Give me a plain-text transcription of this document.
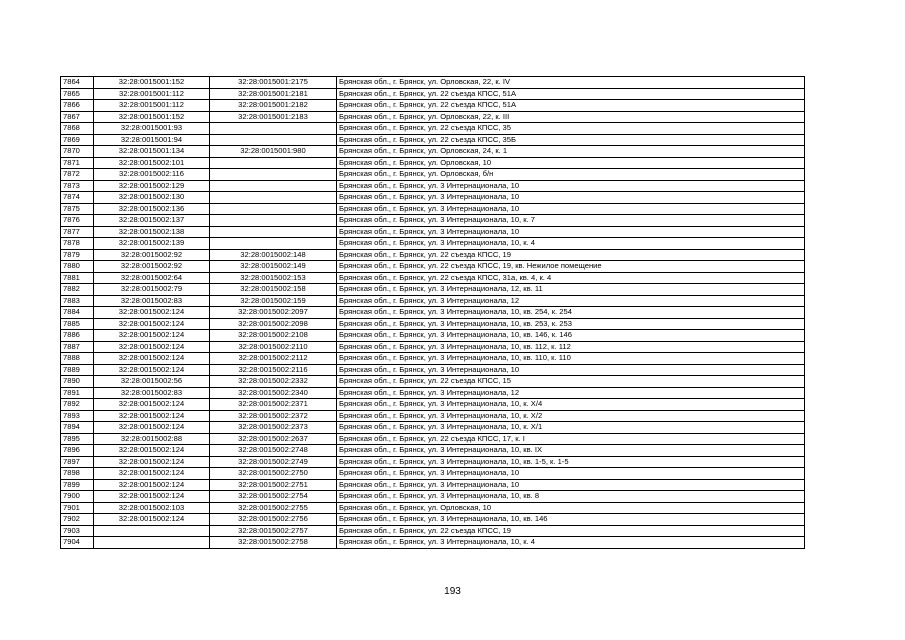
7864	32:28:0015001:152	32:28:0015001:2175	Брянская обл., г. Брянск, ул. Орловская, 22, к. IV
7865	32:28:0015001:112	32:28:0015001:2181	Брянская обл., г. Брянск, ул. 22 съезда КПСС, 51А
7866	32:28:0015001:112	32:28:0015001:2182	Брянская обл., г. Брянск, ул. 22 съезда КПСС, 51А
7867	32:28:0015001:152	32:28:0015001:2183	Брянская обл., г. Брянск, ул. Орловская, 22, к. III
7868	32:28:0015001:93		Брянская обл., г. Брянск, ул. 22 съезда КПСС, 35
7869	32:28:0015001:94		Брянская обл., г. Брянск, ул. 22 съезда КПСС, 35Б
7870	32:28:0015001:134	32:28:0015001:980	Брянская обл., г. Брянск, ул. Орловская, 24, к. 1
7871	32:28:0015002:101		Брянская обл., г. Брянск, ул. Орловская, 10
7872	32:28:0015002:116		Брянская обл., г. Брянск, ул. Орловская, б/н
7873	32:28:0015002:129		Брянская обл., г. Брянск, ул. 3 Интернационала, 10
7874	32:28:0015002:130		Брянская обл., г. Брянск, ул. 3 Интернационала, 10
7875	32:28:0015002:136		Брянская обл., г. Брянск, ул. 3 Интернационала, 10
7876	32:28:0015002:137		Брянская обл., г. Брянск, ул. 3 Интернационала, 10, к. 7
7877	32:28:0015002:138		Брянская обл., г. Брянск, ул. 3 Интернационала, 10
7878	32:28:0015002:139		Брянская обл., г. Брянск, ул. 3 Интернационала, 10, к. 4
7879	32:28:0015002:92	32:28:0015002:148	Брянская обл., г. Брянск, ул. 22 съезда КПСС, 19
7880	32:28:0015002:92	32:28:0015002:149	Брянская обл., г. Брянск, ул. 22 съезда КПСС, 19, кв. Нежилое помещение
7881	32:28:0015002:64	32:28:0015002:153	Брянская обл., г. Брянск, ул. 22 съезда КПСС, 31а, кв. 4, к. 4
7882	32:28:0015002:79	32:28:0015002:158	Брянская обл., г. Брянск, ул. 3 Интернационала, 12, кв. 11
7883	32:28:0015002:83	32:28:0015002:159	Брянская обл., г. Брянск, ул. 3 Интернационала, 12
7884	32:28:0015002:124	32:28:0015002:2097	Брянская обл., г. Брянск, ул. 3 Интернационала, 10, кв. 254, к. 254
7885	32:28:0015002:124	32:28:0015002:2098	Брянская обл., г. Брянск, ул. 3 Интернационала, 10, кв. 253, к. 253
7886	32:28:0015002:124	32:28:0015002:2108	Брянская обл., г. Брянск, ул. 3 Интернационала, 10, кв. 146, к. 146
7887	32:28:0015002:124	32:28:0015002:2110	Брянская обл., г. Брянск, ул. 3 Интернационала, 10, кв. 112, к. 112
7888	32:28:0015002:124	32:28:0015002:2112	Брянская обл., г. Брянск, ул. 3 Интернационала, 10, кв. 110, к. 110
7889	32:28:0015002:124	32:28:0015002:2116	Брянская обл., г. Брянск, ул. 3 Интернационала, 10
7890	32:28:0015002:56	32:28:0015002:2332	Брянская обл., г. Брянск, ул. 22 съезда КПСС, 15
7891	32:28:0015002:83	32:28:0015002:2340	Брянская обл., г. Брянск, ул. 3 Интернационала, 12
7892	32:28:0015002:124	32:28:0015002:2371	Брянская обл., г. Брянск, ул. 3 Интернационала, 10, к. X/4
7893	32:28:0015002:124	32:28:0015002:2372	Брянская обл., г. Брянск, ул. 3 Интернационала, 10, к. X/2
7894	32:28:0015002:124	32:28:0015002:2373	Брянская обл., г. Брянск, ул. 3 Интернационала, 10, к. X/1
7895	32:28:0015002:88	32:28:0015002:2637	Брянская обл., г. Брянск, ул. 22 съезда КПСС, 17, к. I
7896	32:28:0015002:124	32:28:0015002:2748	Брянская обл., г. Брянск, ул. 3 Интернационала, 10, кв. IX
7897	32:28:0015002:124	32:28:0015002:2749	Брянская обл., г. Брянск, ул. 3 Интернационала, 10, кв. 1-5, к. 1-5
7898	32:28:0015002:124	32:28:0015002:2750	Брянская обл., г. Брянск, ул. 3 Интернационала, 10
7899	32:28:0015002:124	32:28:0015002:2751	Брянская обл., г. Брянск, ул. 3 Интернационала, 10
7900	32:28:0015002:124	32:28:0015002:2754	Брянская обл., г. Брянск, ул. 3 Интернационала, 10, кв. 8
7901	32:28:0015002:103	32:28:0015002:2755	Брянская обл., г. Брянск, ул. Орловская, 10
7902	32:28:0015002:124	32:28:0015002:2756	Брянская обл., г. Брянск, ул. 3 Интернационала, 10, кв. 146
7903		32:28:0015002:2757	Брянская обл., г. Брянск, ул. 22 съезда КПСС, 19
7904		32:28:0015002:2758	Брянская обл., г. Брянск, ул. 3 Интернационала, 10, к. 4
193
